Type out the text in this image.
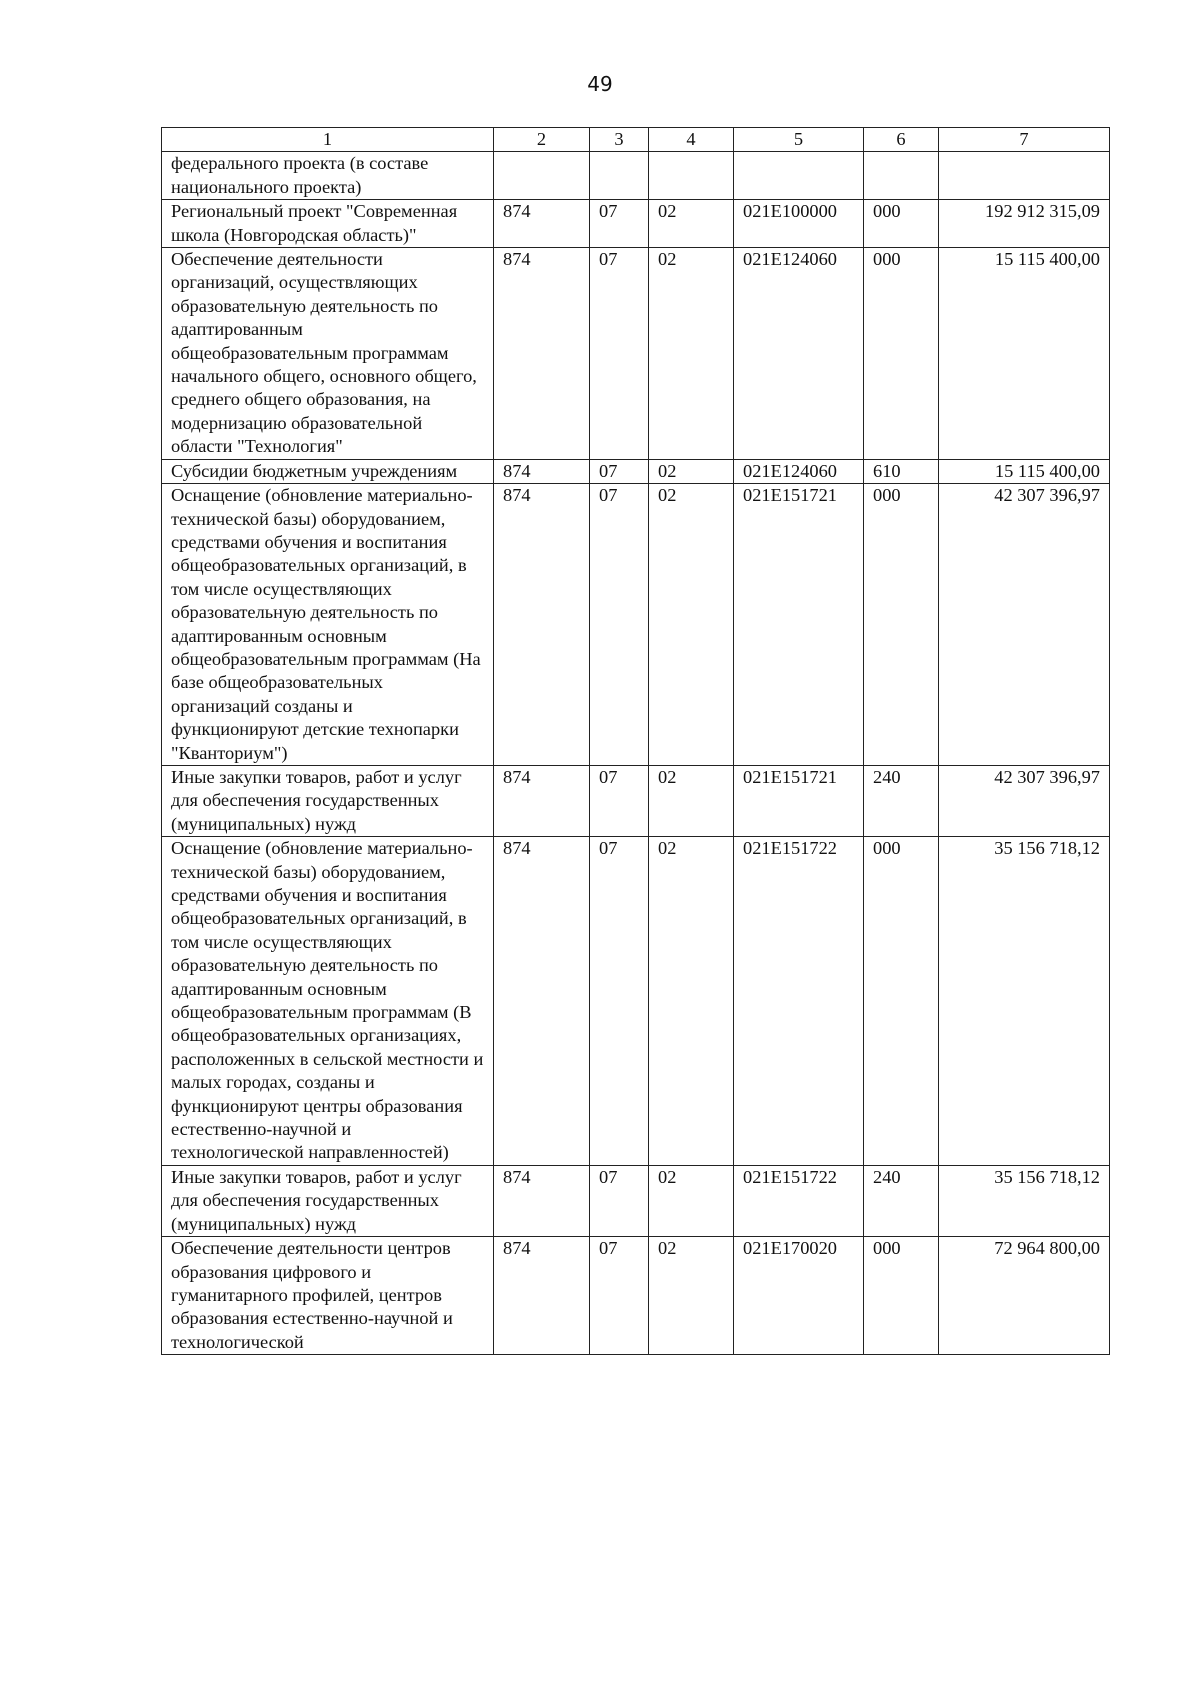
49
1	2	3	4	5	6	7
федерального проекта (в составе национального проекта)						
Региональный проект "Современная школа (Новгородская область)"	874	07	02	021E100000	000	192 912 315,09
Обеспечение деятельности организаций, осуществляющих образовательную деятельность по адаптированным общеобразовательным программам начального общего, основного общего, среднего общего образования, на модернизацию образовательной области "Технология"	874	07	02	021E124060	000	15 115 400,00
Субсидии бюджетным учреждениям	874	07	02	021E124060	610	15 115 400,00
Оснащение (обновление материально-технической базы) оборудованием, средствами обучения и воспитания общеобразовательных организаций, в том числе осуществляющих образовательную деятельность по адаптированным основным общеобразовательным программам (На базе общеобразовательных организаций созданы и функционируют детские технопарки "Кванториум")	874	07	02	021E151721	000	42 307 396,97
Иные закупки товаров, работ и услуг для обеспечения государственных (муниципальных) нужд	874	07	02	021E151721	240	42 307 396,97
Оснащение (обновление материально-технической базы) оборудованием, средствами обучения и воспитания общеобразовательных организаций, в том числе осуществляющих образовательную деятельность по адаптированным основным общеобразовательным программам (В общеобразовательных организациях, расположенных в сельской местности и малых городах, созданы и функционируют центры образования естественно-научной и технологической направленностей)	874	07	02	021E151722	000	35 156 718,12
Иные закупки товаров, работ и услуг для обеспечения государственных (муниципальных) нужд	874	07	02	021E151722	240	35 156 718,12
Обеспечение деятельности центров образования цифрового и гуманитарного профилей, центров образования естественно-научной и технологической	874	07	02	021E170020	000	72 964 800,00
